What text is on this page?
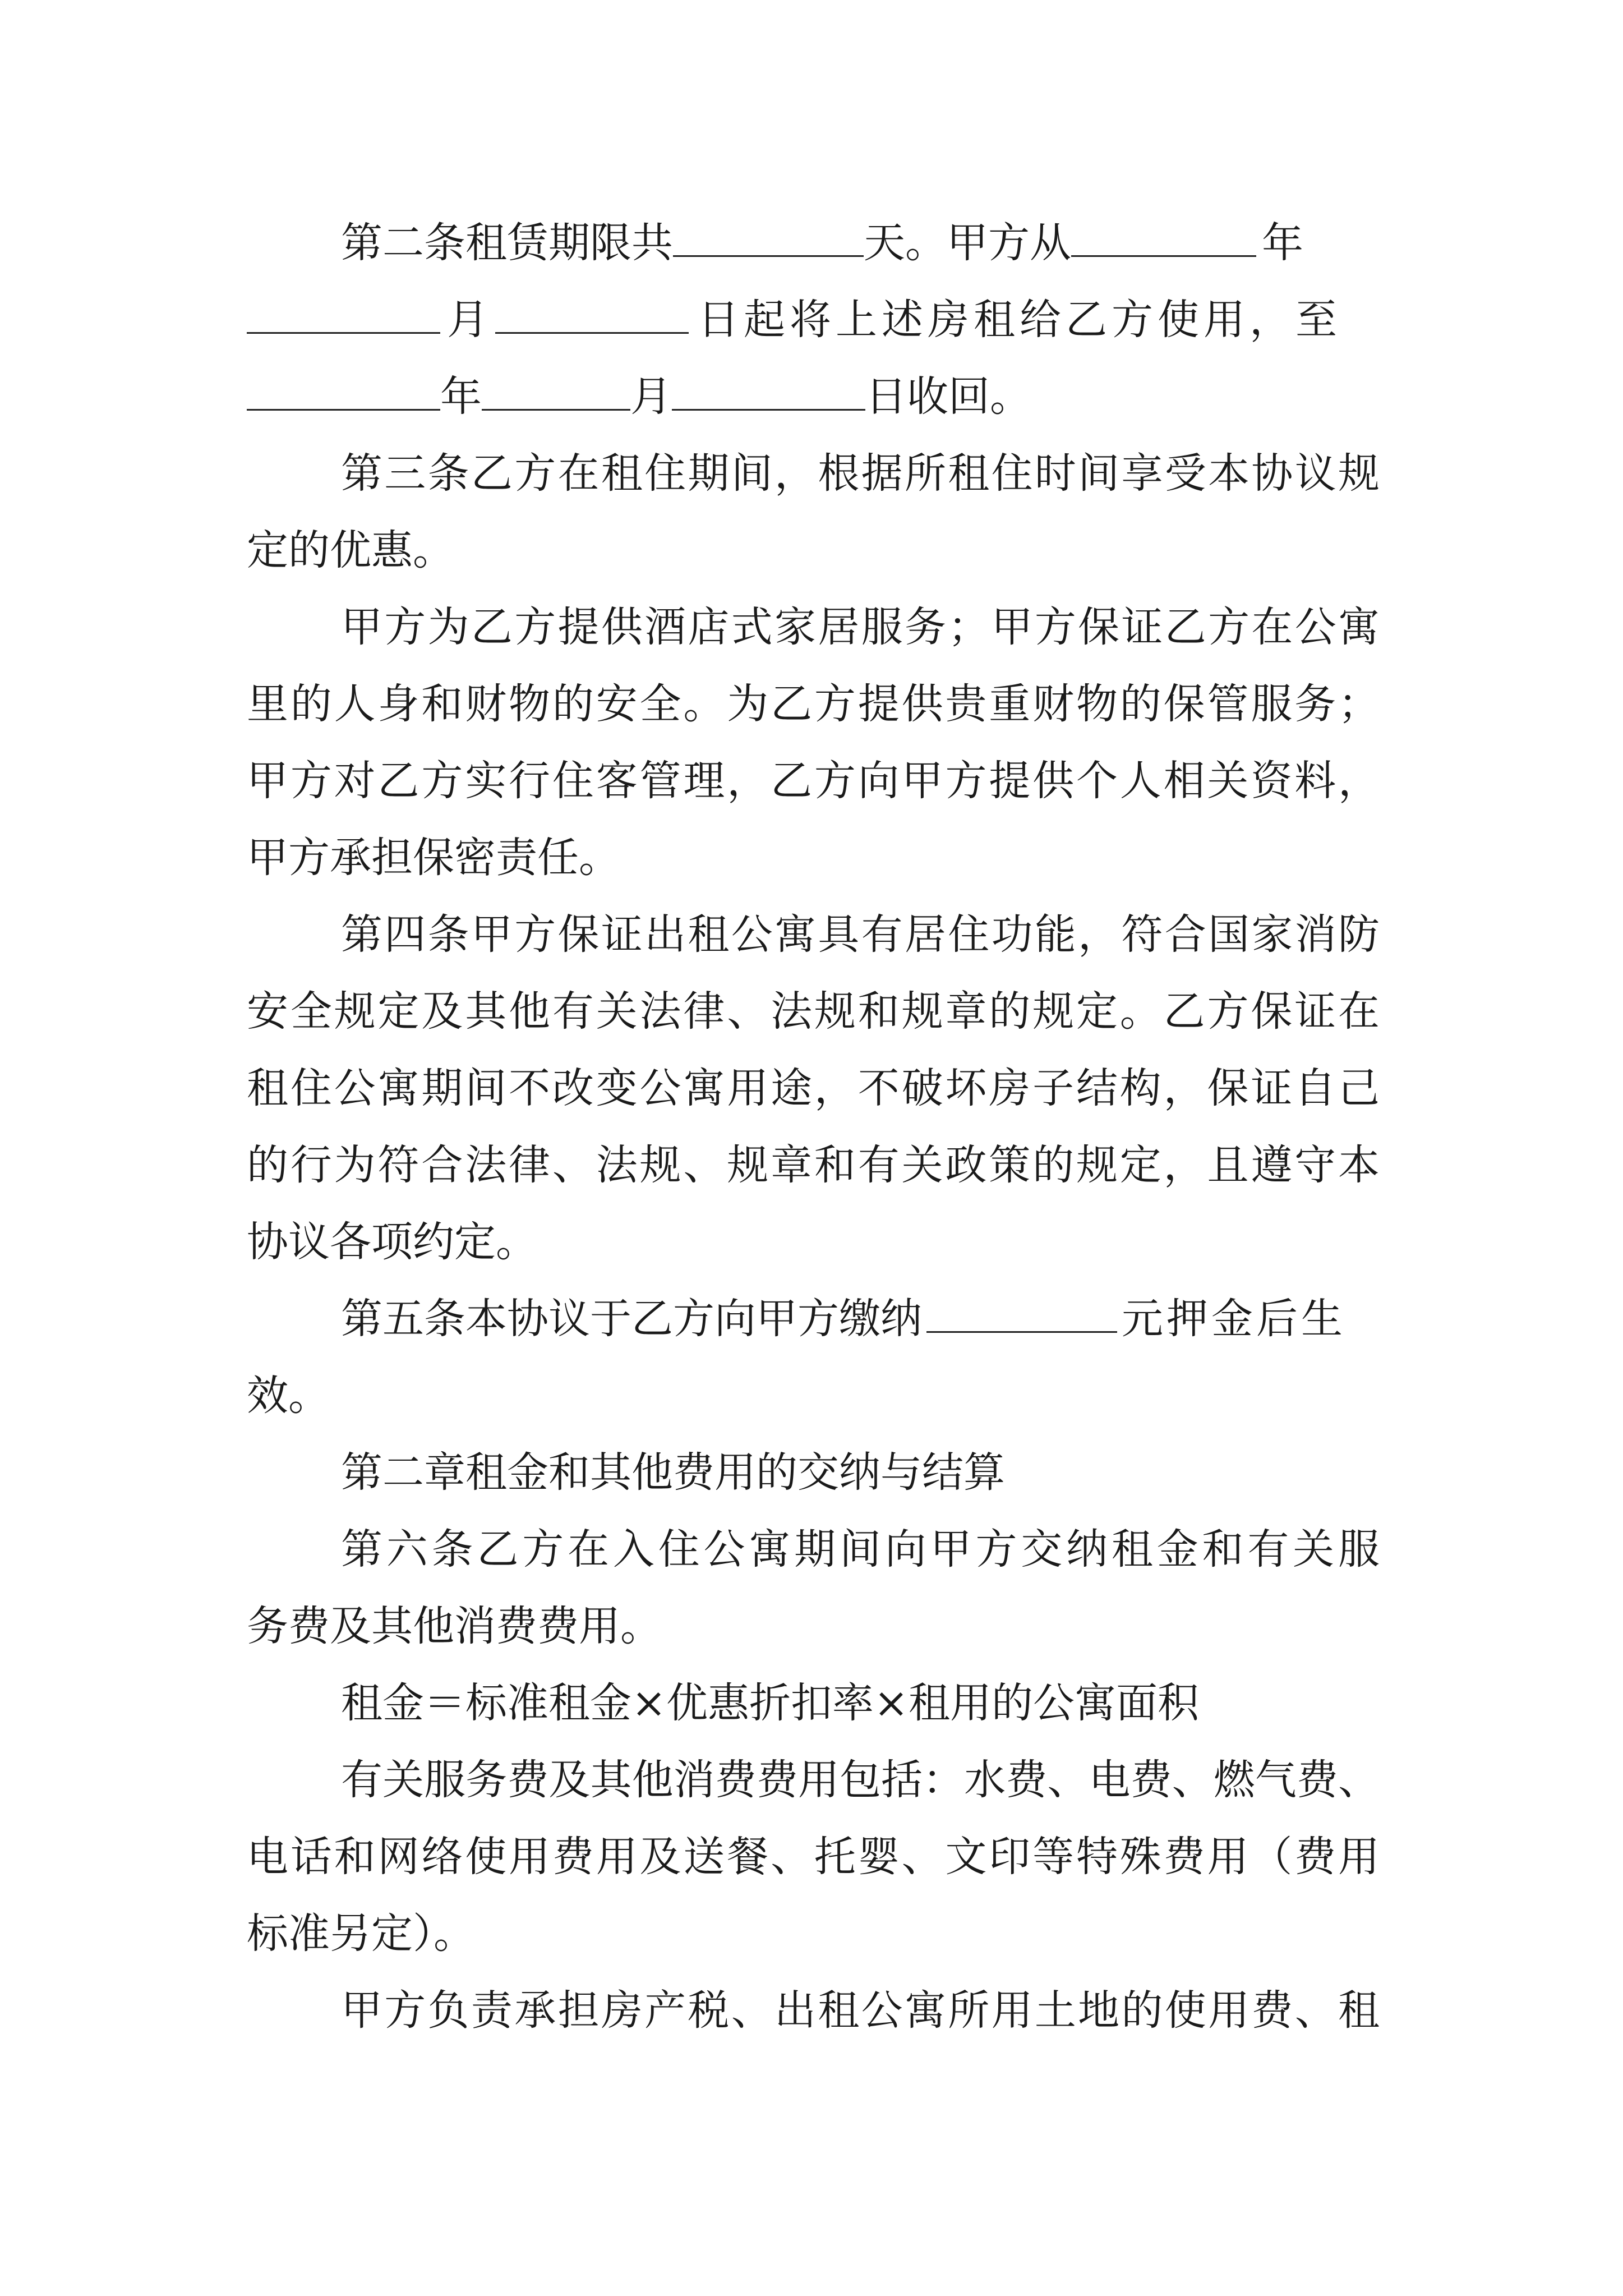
第二条租赁期限共	天。甲方从	年
月	日起将上述房租给乙方使用，至
年	月	日收回。
第三条乙方在租住期间，根据所租住时间享受本协议规
定的优惠。
甲方为乙方提供酒店式家居服务；甲方保证乙方在公寓
里的人身和财物的安全。为乙方提供贵重财物的保管服务；
甲方对乙方实行住客管理，乙方向甲方提供个人相关资料，
甲方承担保密责任。
第四条甲方保证出租公寓具有居住功能，符合国家消防
安全规定及其他有关法律、法规和规章的规定。乙方保证在
租住公寓期间不改变公寓用途，不破坏房子结构，保证自己
的行为符合法律、法规、规章和有关政策的规定，且遵守本
协议各项约定。
第五条本协议于乙方向甲方缴纳	元押金后生
效。
第二章租金和其他费用的交纳与结算
第六条乙方在入住公寓期间向甲方交纳租金和有关服
务费及其他消费费用。
租金＝标准租金×优惠折扣率×租用的公寓面积
有关服务费及其他消费费用包括：水费、电费、燃气费、
电话和网络使用费用及送餐、托婴、文印等特殊费用（费用
标准另定）。
甲方负责承担房产税、出租公寓所用土地的使用费、租
